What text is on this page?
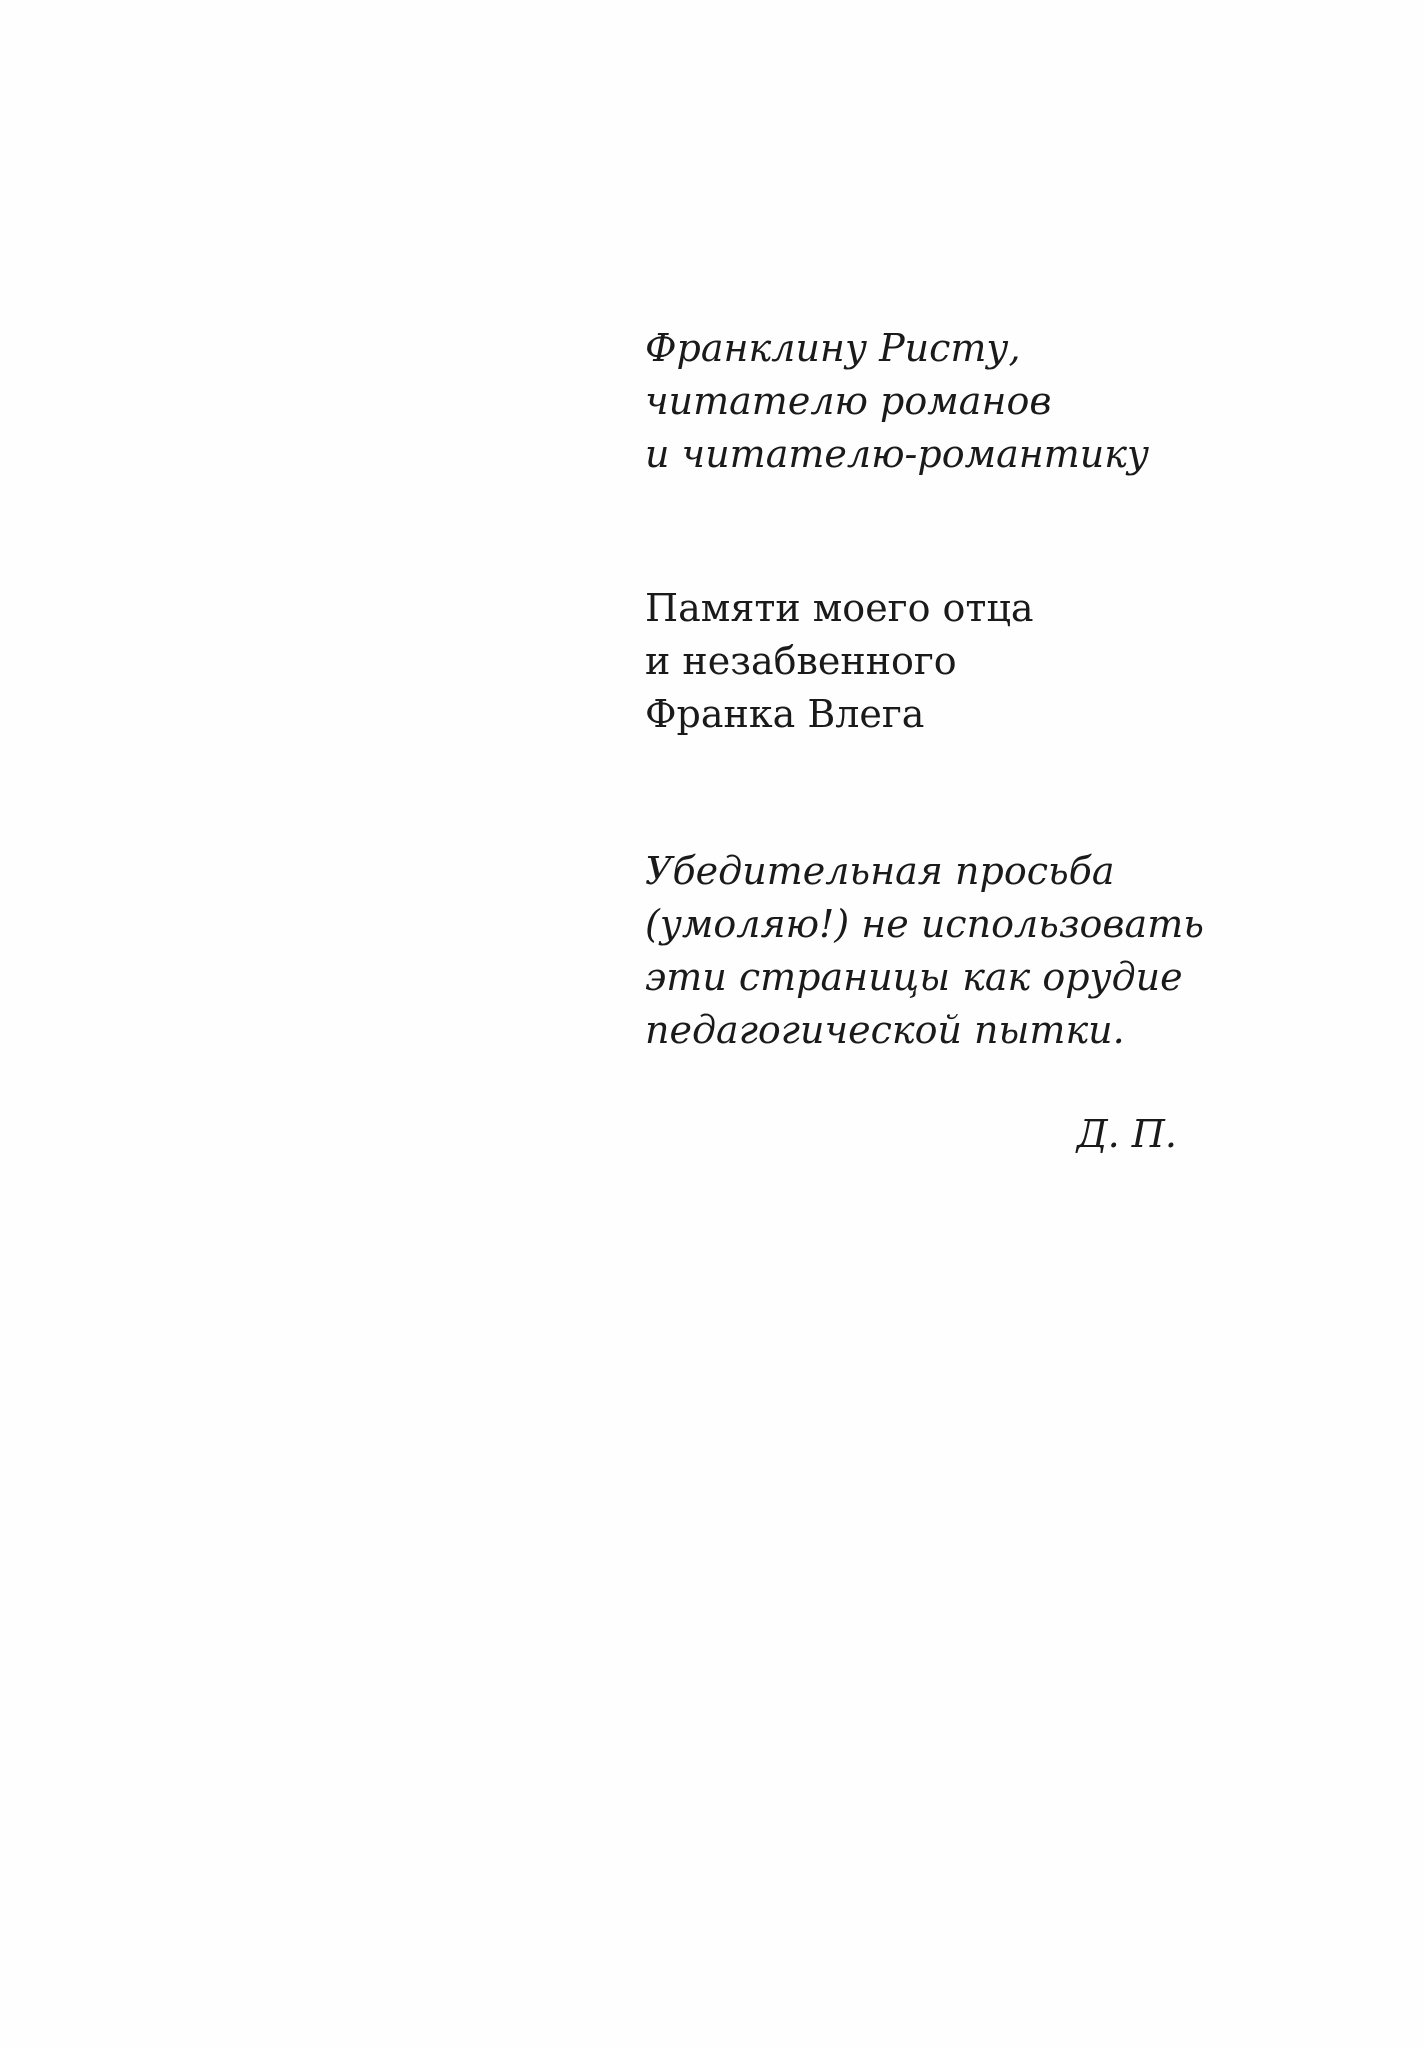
Франклину Ристу,
читателю романов
и читателю-романтику
Памяти моего отца
и незабвенного
Франка Влега
Убедительная просьба
(умоляю!) не использовать
эти страницы как орудие
педагогической пытки.
Д. П.
